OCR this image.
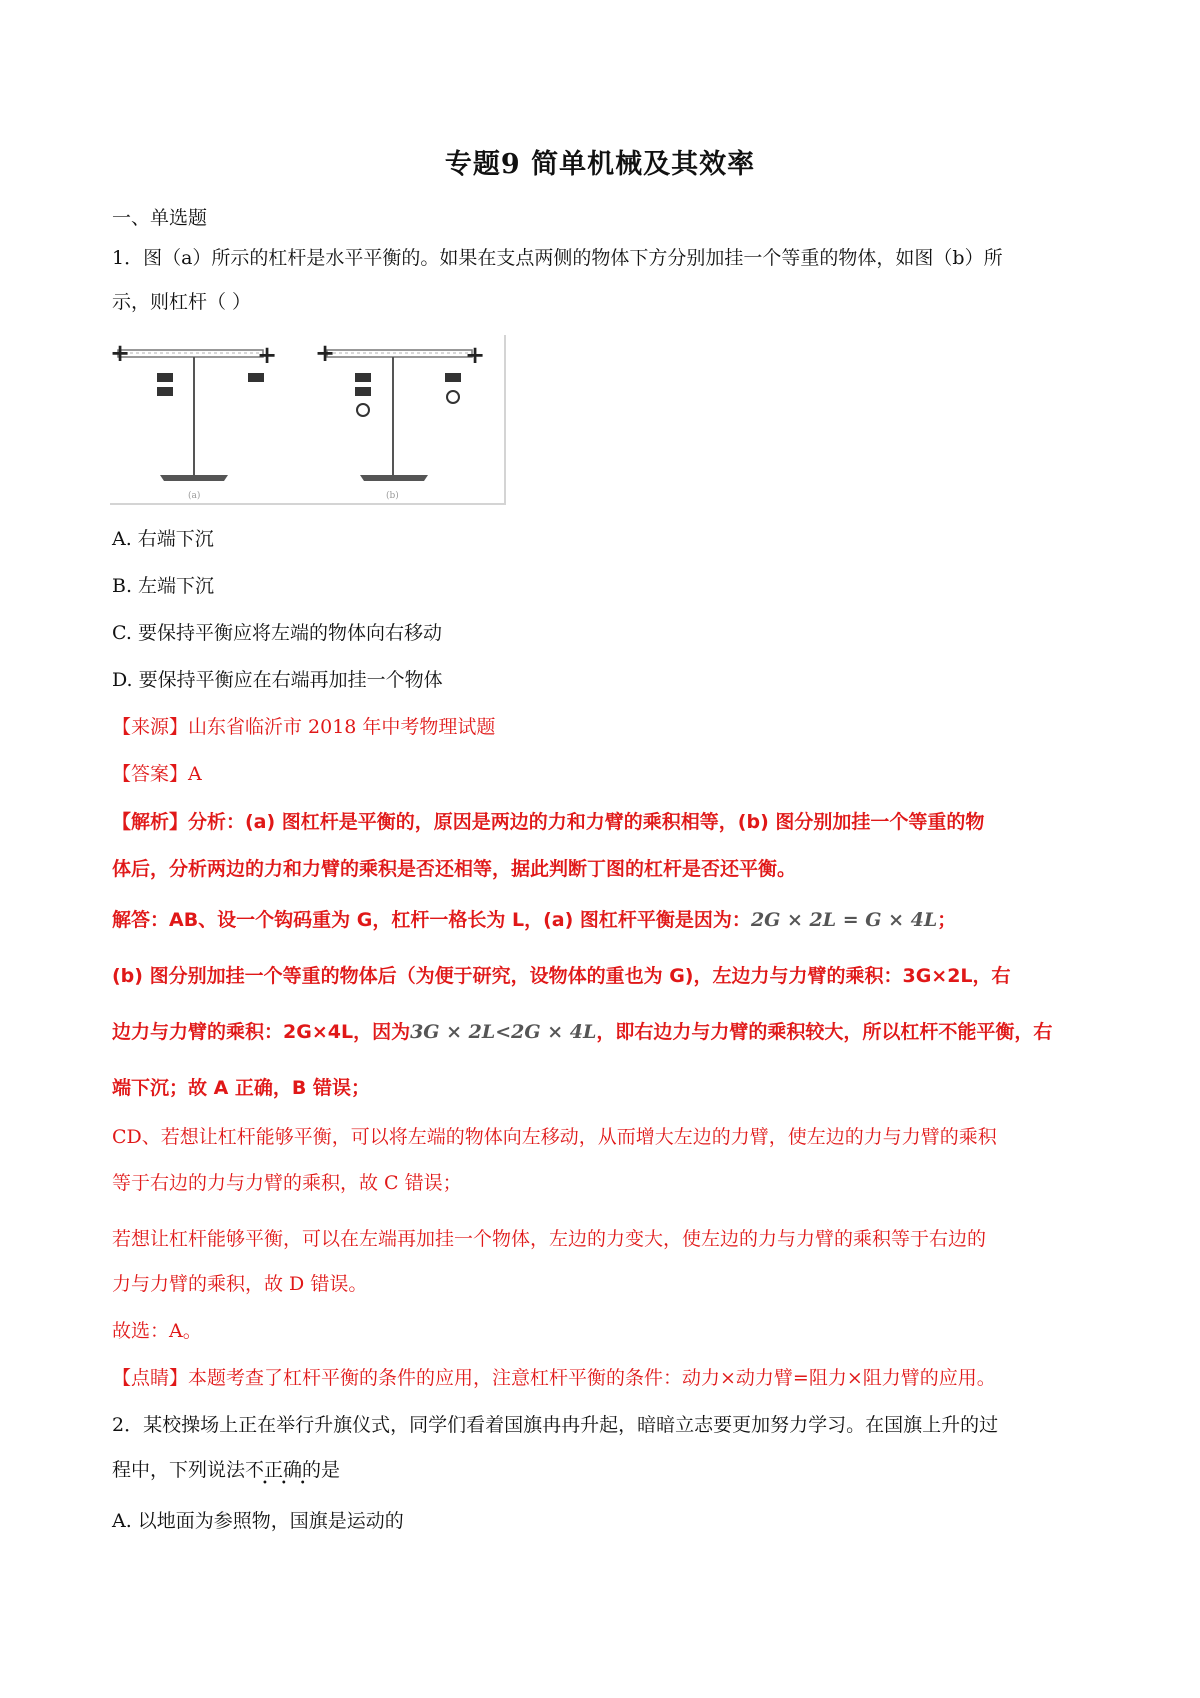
专题9 简单机械及其效率
一、单选题
1．图（a）所示的杠杆是水平平衡的。如果在支点两侧的物体下方分别加挂一个等重的物体，如图（b）所
示，则杠杆（ ）
+	+
(a)
+	+
(b)
A. 右端下沉
B. 左端下沉
C. 要保持平衡应将左端的物体向右移动
D. 要保持平衡应在右端再加挂一个物体
【来源】山东省临沂市 2018 年中考物理试题
【答案】A
【解析】分析：(a) 图杠杆是平衡的，原因是两边的力和力臂的乘积相等，(b) 图分别加挂一个等重的物
体后，分析两边的力和力臂的乘积是否还相等，据此判断丁图的杠杆是否还平衡。
解答：AB、设一个钩码重为 G，杠杆一格长为 L，(a) 图杠杆平衡是因为：2G × 2L = G × 4L；
(b) 图分别加挂一个等重的物体后（为便于研究，设物体的重也为 G)，左边力与力臂的乘积：3G×2L，右
边力与力臂的乘积：2G×4L，因为3G × 2L<2G × 4L，即右边力与力臂的乘积较大，所以杠杆不能平衡，右
端下沉；故 A 正确，B 错误；
CD、若想让杠杆能够平衡，可以将左端的物体向左移动，从而增大左边的力臂，使左边的力与力臂的乘积
等于右边的力与力臂的乘积，故 C 错误；
若想让杠杆能够平衡，可以在左端再加挂一个物体，左边的力变大，使左边的力与力臂的乘积等于右边的
力与力臂的乘积，故 D 错误。
故选：A。
【点睛】本题考查了杠杆平衡的条件的应用，注意杠杆平衡的条件：动力×动力臂=阻力×阻力臂的应用。
2．某校操场上正在举行升旗仪式，同学们看着国旗冉冉升起，暗暗立志要更加努力学习。在国旗上升的过
程中，下列说法不正确的是
•••
A. 以地面为参照物，国旗是运动的
